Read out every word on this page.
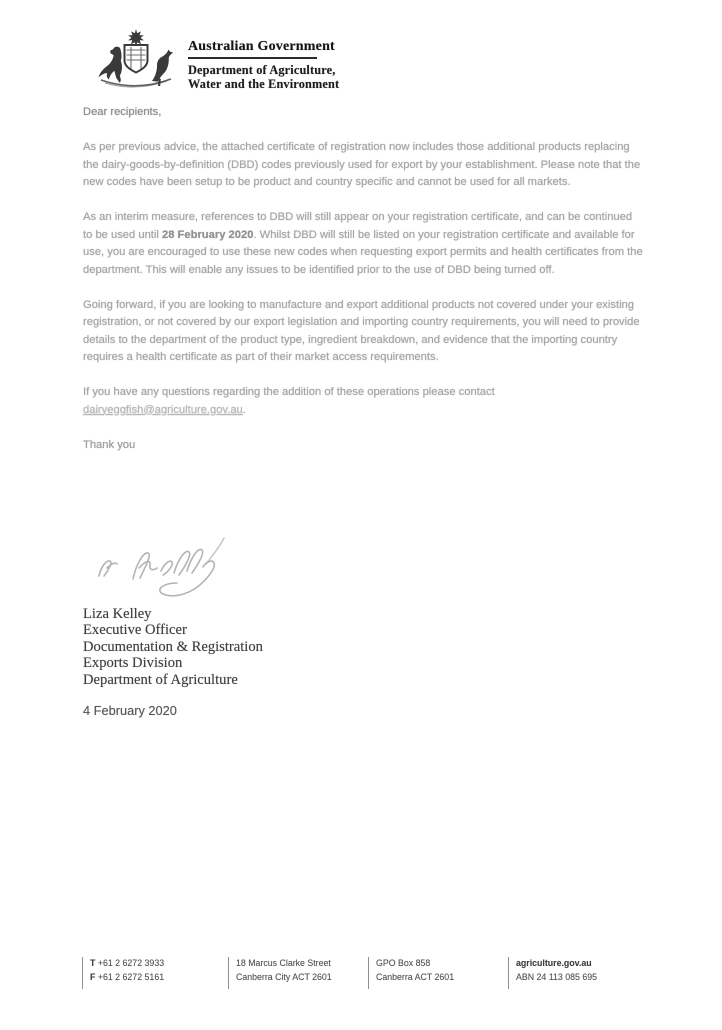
Australian Government
Department of Agriculture,
Water and the Environment

Dear recipients,

As per previous advice, the attached certificate of registration now includes those additional products replacing the dairy-goods-by-definition (DBD) codes previously used for export by your establishment. Please note that the new codes have been setup to be product and country specific and cannot be used for all markets.

As an interim measure, references to DBD will still appear on your registration certificate, and can be continued to be used until 28 February 2020. Whilst DBD will still be listed on your registration certificate and available for use, you are encouraged to use these new codes when requesting export permits and health certificates from the department. This will enable any issues to be identified prior to the use of DBD being turned off.

Going forward, if you are looking to manufacture and export additional products not covered under your existing registration, or not covered by our export legislation and importing country requirements, you will need to provide details to the department of the product type, ingredient breakdown, and evidence that the importing country requires a health certificate as part of their market access requirements.

If you have any questions regarding the addition of these operations please contact dairyeggfish@agriculture.gov.au.

Thank you

Liza Kelley
Executive Officer
Documentation & Registration
Exports Division
Department of Agriculture
4 February 2020
T +61 2 6272 3933
F +61 2 6272 5161
18 Marcus Clarke Street
Canberra City ACT 2601
GPO Box 858
Canberra ACT 2601
agriculture.gov.au
ABN 24 113 085 695
